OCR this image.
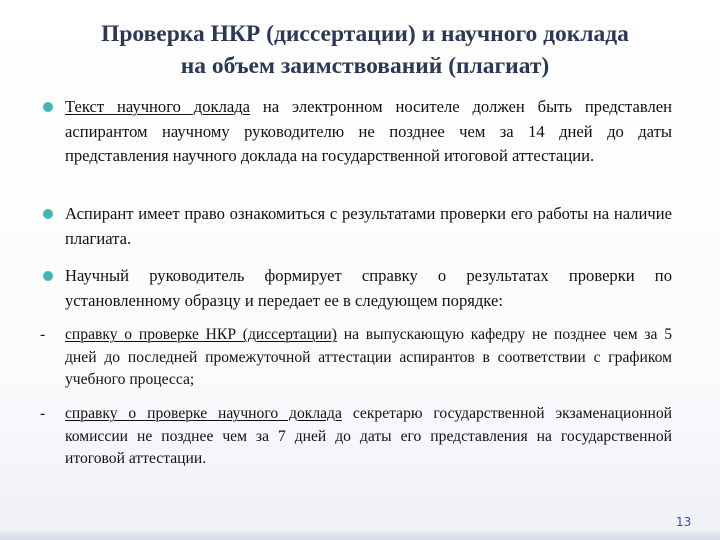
Проверка НКР (диссертации) и научного доклада
на объем заимствований (плагиат)
Текст научного доклада на электронном носителе должен быть представлен аспирантом научному руководителю не позднее чем за 14 дней до даты представления научного доклада на государственной итоговой аттестации.
Аспирант имеет право ознакомиться с результатами проверки его работы на наличие плагиата.
Научный руководитель формирует справку о результатах проверки по установленному образцу и передает ее в следующем порядке:
- справку о проверке НКР (диссертации) на выпускающую кафедру не позднее чем за 5 дней до последней промежуточной аттестации аспирантов в соответствии с графиком учебного процесса;
- справку о проверке научного доклада секретарю государственной экзаменационной комиссии не позднее чем за 7 дней до даты его представления на государственной итоговой аттестации.
13
